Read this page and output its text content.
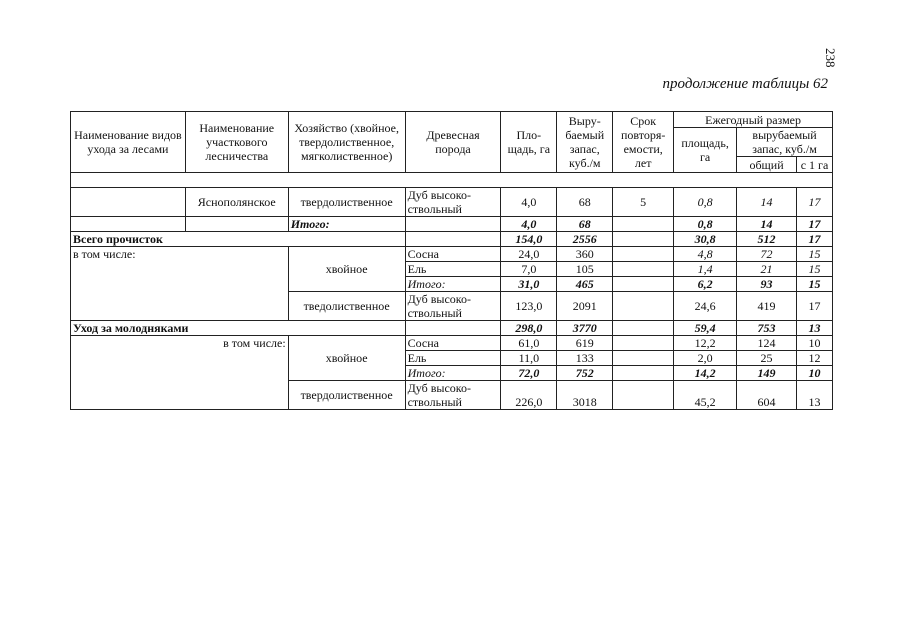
238
продолжение таблицы 62
Наименование видов ухода за лесами	Наименование участкового лесничества	Хозяйство (хвойное, твердолиственное, мягколиственное)	Древесная порода	Пло-щадь, га	Выру-баемый запас, куб./м	Срок повторя-емости, лет	Ежегодный размер		
							площадь, га	вырубаемый запас, куб./м	
								общий	с 1 га

	Яснополянское	твердолиственное	Дуб высоко-ствольный	4,0	68	5	0,8	14	17
		Итого:		4,0	68		0,8	14	17
Всего прочисток				154,0	2556		30,8	512	17
в том числе:		хвойное	Сосна	24,0	360		4,8	72	15
			Ель	7,0	105		1,4	21	15
			Итого:	31,0	465		6,2	93	15
		тведолиственное	Дуб высоко-ствольный	123,0	2091		24,6	419	17
Уход за молодняками				298,0	3770		59,4	753	13
в том числе:		хвойное	Сосна	61,0	619		12,2	124	10
			Ель	11,0	133		2,0	25	12
			Итого:	72,0	752		14,2	149	10
		твердолиственное	Дуб высоко-ствольный	226,0	3018		45,2	604	13
